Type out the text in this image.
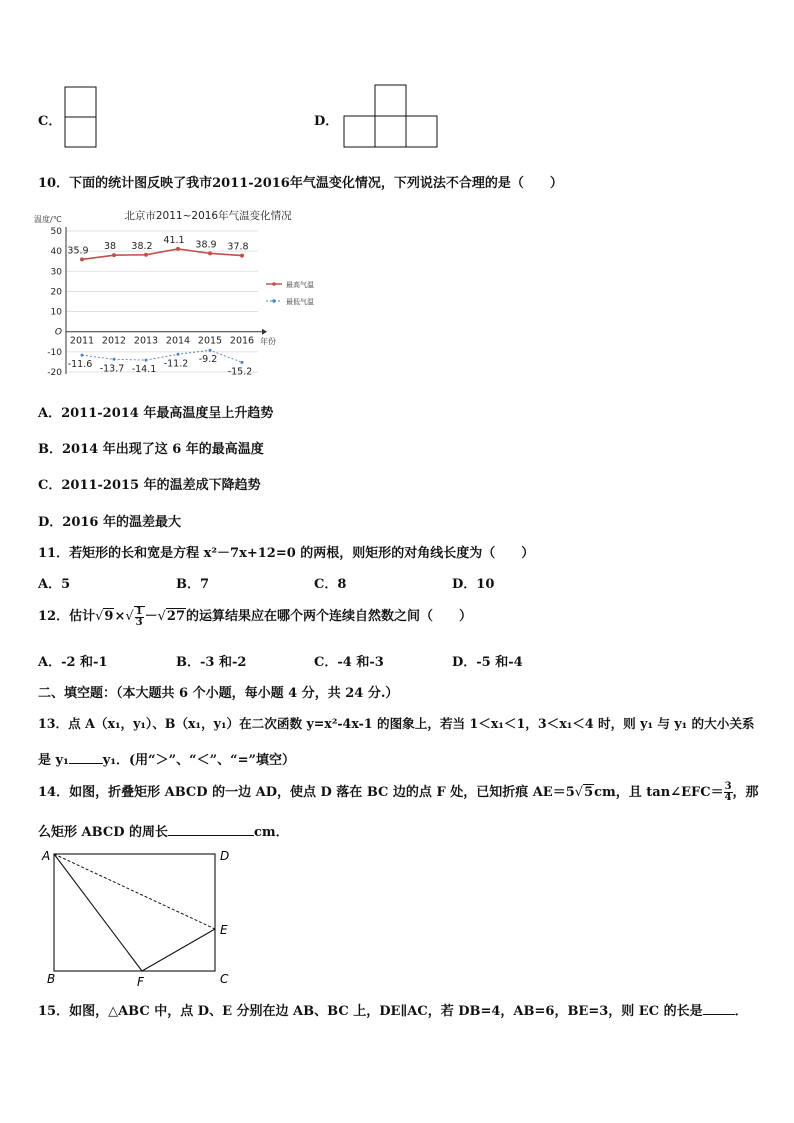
C．	D．
10．下面的统计图反映了我市2011-2016年气温变化情况，下列说法不合理的是（　　）
北京市2011~2016年气温变化情况
温度/℃
50
40
30
20
10
O
-10
-20
2011 2012 2013 2014 2015 2016 年份
35.9 38 38.2
41.1 38.9 37.8
-11.6 -13.7 -14.1
-11.2 -9.2
-15.2
最高气温
最低气温
A．2011-2014 年最高温度呈上升趋势
B．2014 年出现了这 6 年的最高温度
C．2011-2015 年的温差成下降趋势
D．2016 年的温差最大
11．若矩形的长和宽是方程 x²－7x+12=0 的两根，则矩形的对角线长度为（　　）
A．5	B．7	C．8	D．10
12．估计$√9\times√ \frac{1}{3} -√27$的运算结果应在哪个两个连续自然数之间（　　）
A．-2 和-1	B．-3 和-2	C．-4 和-3	D．-5 和-4
二、填空题：（本大题共 6 个小题，每小题 4 分，共 24 分.）
13．点 A（x₁，y₁）、B（x₁，y₁）在二次函数 y=x²-4x-1 的图象上，若当 1＜x₁＜1，3＜x₁＜4 时，则 y₁ 与 y₁ 的大小关系
是 y₁	y₁．(用“＞”、“＜”、“=”填空）
14．如图，折叠矩形 ABCD 的一边 AD，使点 D 落在 BC 边的点 F 处，已知折痕 AE＝5√5cm，且 tan∠EFC＝ $\frac{3}{4}$ ，那
么矩形 ABCD 的周长	cm．
A
B
D
C
E
F
15．如图，△ABC 中，点 D、E 分别在边 AB、BC 上，DE∥AC，若 DB=4，AB=6，BE=3，则 EC 的长是 ．
